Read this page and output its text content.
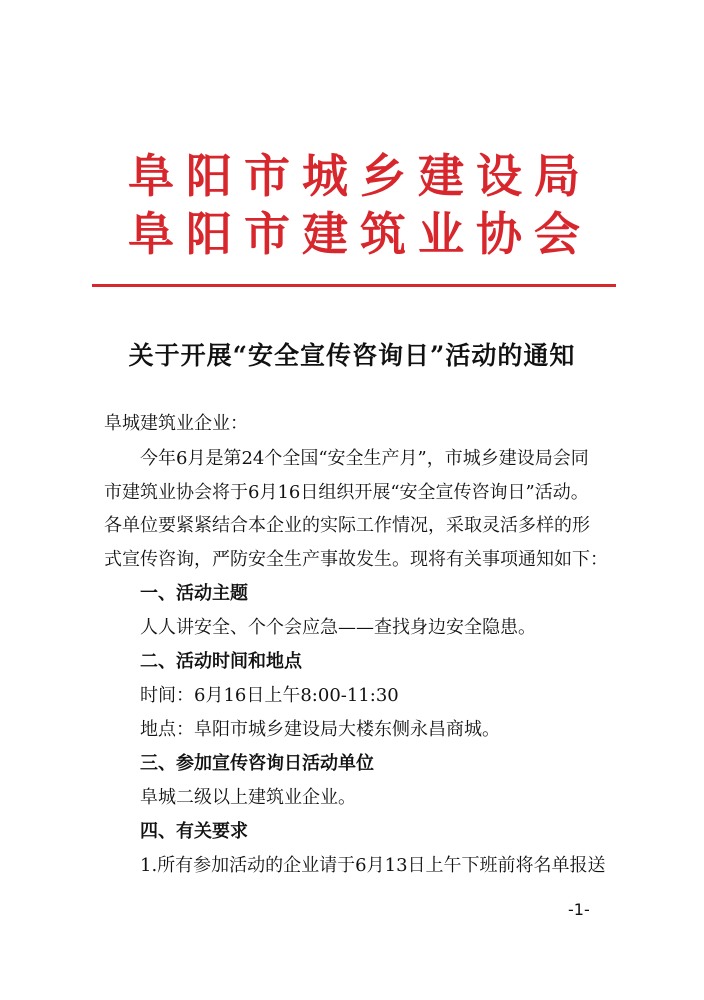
阜阳市城乡建设局
阜阳市建筑业协会
关于开展“安全宣传咨询日”活动的通知
阜城建筑业企业：
今年6月是第24个全国“安全生产月”，市城乡建设局会同
市建筑业协会将于6月16日组织开展“安全宣传咨询日”活动。
各单位要紧紧结合本企业的实际工作情况，采取灵活多样的形
式宣传咨询，严防安全生产事故发生。现将有关事项通知如下：
一、活动主题
人人讲安全、个个会应急——查找身边安全隐患。
二、活动时间和地点
时间：6月16日上午8:00-11:30
地点：阜阳市城乡建设局大楼东侧永昌商城。
三、参加宣传咨询日活动单位
阜城二级以上建筑业企业。
四、有关要求
1.所有参加活动的企业请于6月13日上午下班前将名单报送
-1-
